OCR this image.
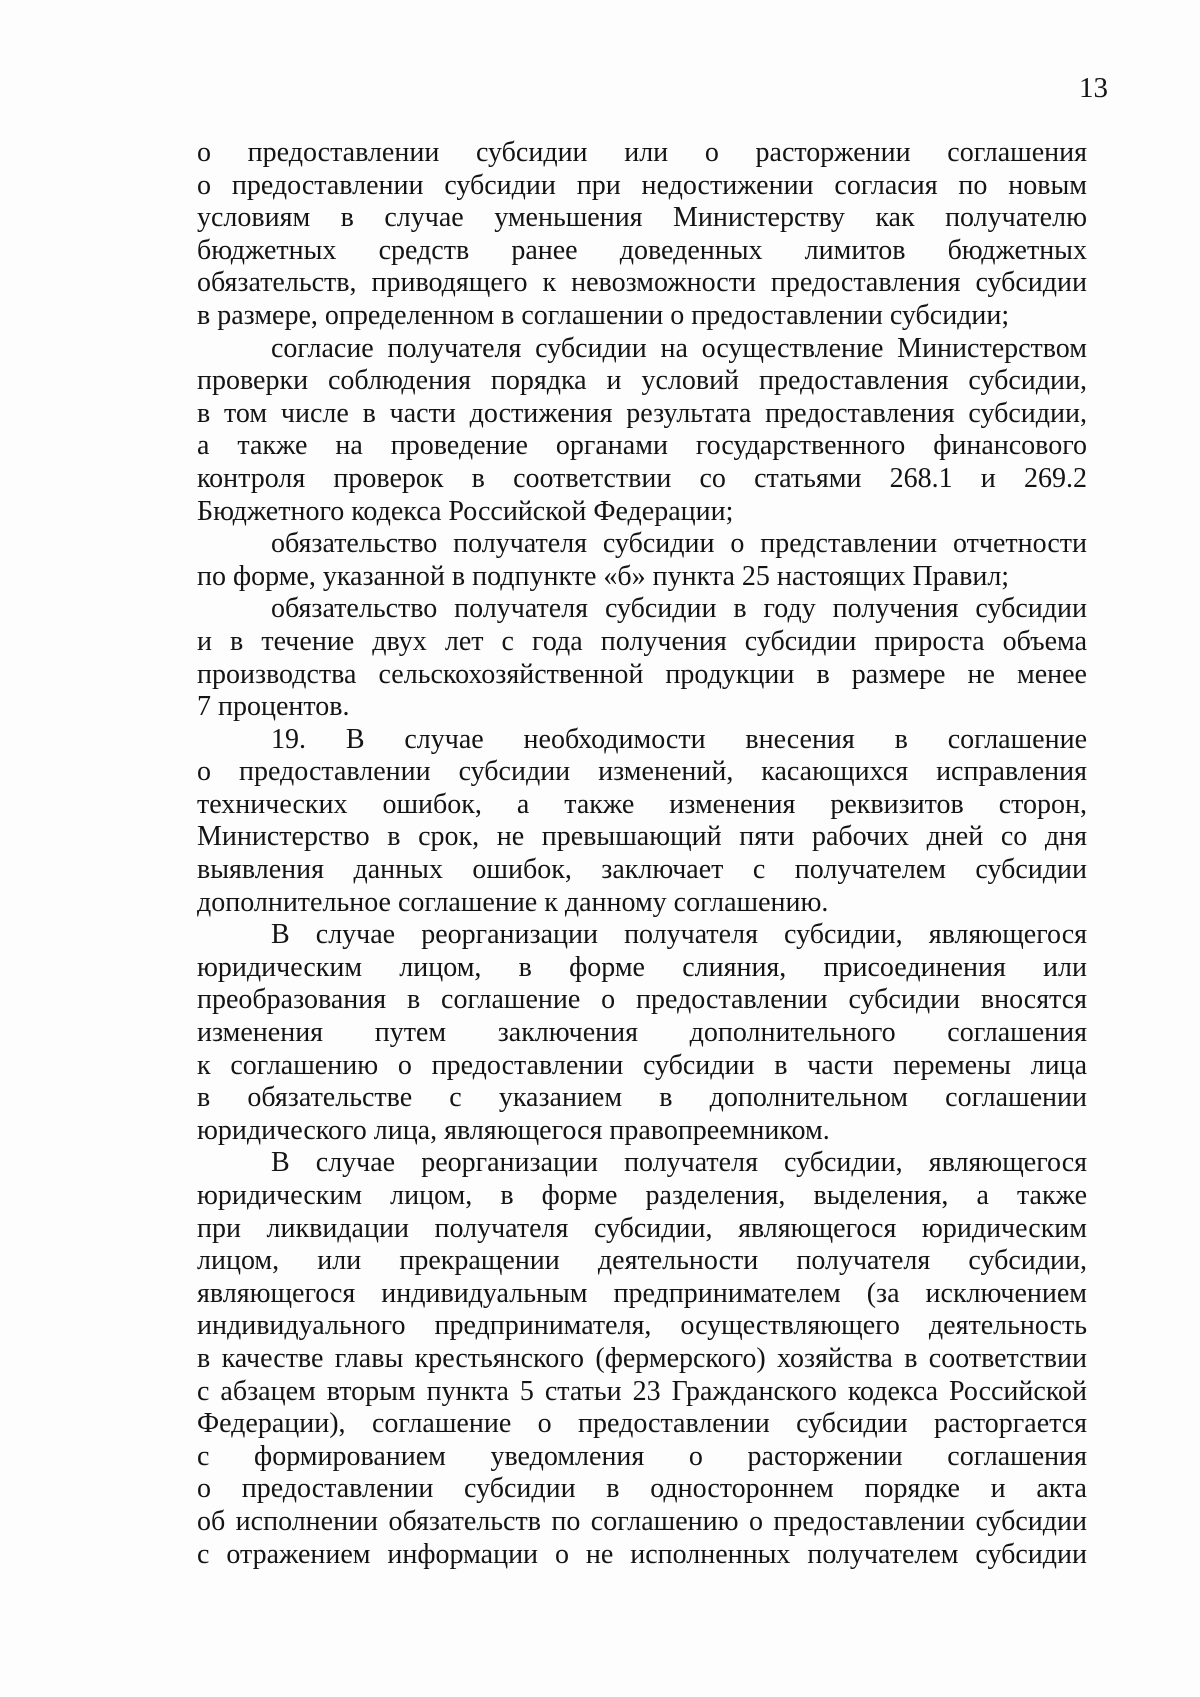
13
о предоставлении субсидии или о расторжении соглашения
о предоставлении субсидии при недостижении согласия по новым
условиям в случае уменьшения Министерству как получателю
бюджетных средств ранее доведенных лимитов бюджетных
обязательств, приводящего к невозможности предоставления субсидии
в размере, определенном в соглашении о предоставлении субсидии;
согласие получателя субсидии на осуществление Министерством
проверки соблюдения порядка и условий предоставления субсидии,
в том числе в части достижения результата предоставления субсидии,
а также на проведение органами государственного финансового
контроля проверок в соответствии со статьями 268.1 и 269.2
Бюджетного кодекса Российской Федерации;
обязательство получателя субсидии о представлении отчетности
по форме, указанной в подпункте «б» пункта 25 настоящих Правил;
обязательство получателя субсидии в году получения субсидии
и в течение двух лет с года получения субсидии прироста объема
производства сельскохозяйственной продукции в размере не менее
7 процентов.
19. В случае необходимости внесения в соглашение
о предоставлении субсидии изменений, касающихся исправления
технических ошибок, а также изменения реквизитов сторон,
Министерство в срок, не превышающий пяти рабочих дней со дня
выявления данных ошибок, заключает с получателем субсидии
дополнительное соглашение к данному соглашению.
В случае реорганизации получателя субсидии, являющегося
юридическим лицом, в форме слияния, присоединения или
преобразования в соглашение о предоставлении субсидии вносятся
изменения путем заключения дополнительного соглашения
к соглашению о предоставлении субсидии в части перемены лица
в обязательстве с указанием в дополнительном соглашении
юридического лица, являющегося правопреемником.
В случае реорганизации получателя субсидии, являющегося
юридическим лицом, в форме разделения, выделения, а также
при ликвидации получателя субсидии, являющегося юридическим
лицом, или прекращении деятельности получателя субсидии,
являющегося индивидуальным предпринимателем (за исключением
индивидуального предпринимателя, осуществляющего деятельность
в качестве главы крестьянского (фермерского) хозяйства в соответствии
с абзацем вторым пункта 5 статьи 23 Гражданского кодекса Российской
Федерации), соглашение о предоставлении субсидии расторгается
с формированием уведомления о расторжении соглашения
о предоставлении субсидии в одностороннем порядке и акта
об исполнении обязательств по соглашению о предоставлении субсидии
с отражением информации о не исполненных получателем субсидии
